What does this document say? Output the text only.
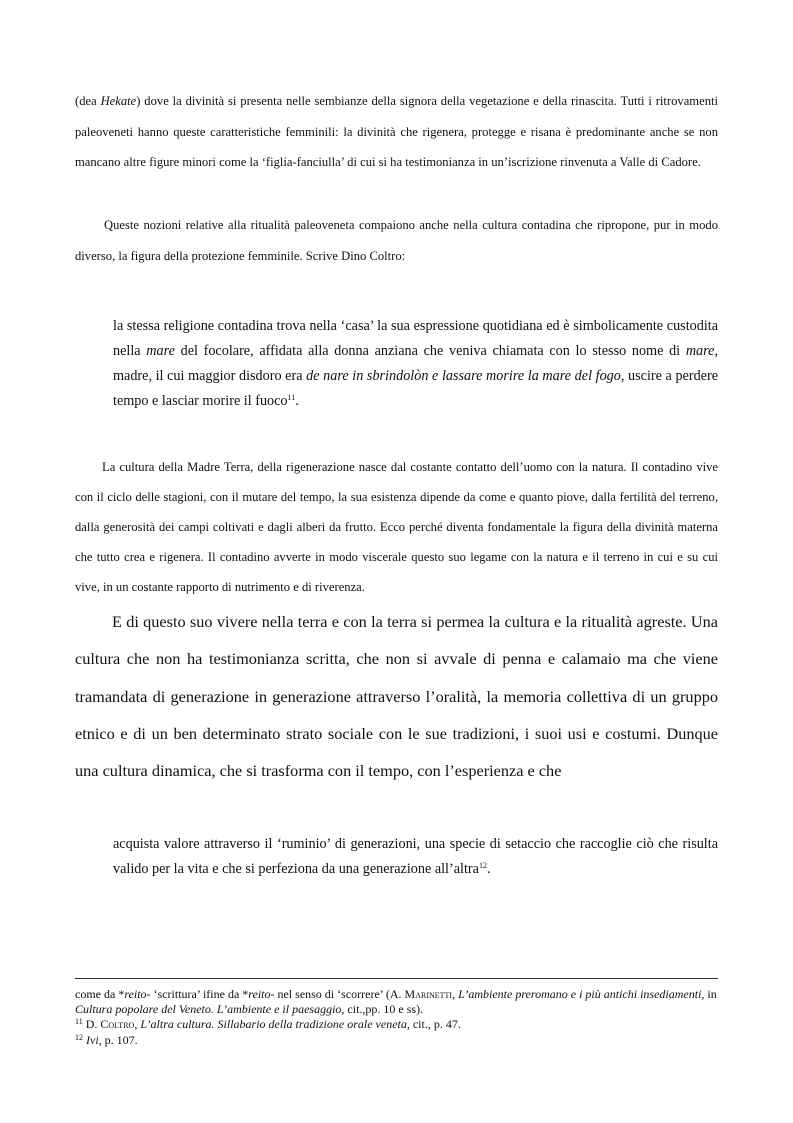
(dea Hekate) dove la divinità si presenta nelle sembianze della signora della vegetazione e della rinascita. Tutti i ritrovamenti paleoveneti hanno queste caratteristiche femminili: la divinità che rigenera, protegge e risana è predominante anche se non mancano altre figure minori come la ‘figlia-fanciulla’ di cui si ha testimonianza in un’iscrizione rinvenuta a Valle di Cadore.
Queste nozioni relative alla ritualità paleoveneta compaiono anche nella cultura contadina che ripropone, pur in modo diverso, la figura della protezione femminile. Scrive Dino Coltro:
la stessa religione contadina trova nella ‘casa’ la sua espressione quotidiana ed è simbolicamente custodita nella mare del focolare, affidata alla donna anziana che veniva chiamata con lo stesso nome di mare, madre, il cui maggior disdoro era de nare in sbrindolòn e lassare morire la mare del fogo, uscire a perdere tempo e lasciar morire il fuoco$^{11}$.
La cultura della Madre Terra, della rigenerazione nasce dal costante contatto dell’uomo con la natura. Il contadino vive con il ciclo delle stagioni, con il mutare del tempo, la sua esistenza dipende da come e quanto piove, dalla fertilità del terreno, dalla generosità dei campi coltivati e dagli alberi da frutto. Ecco perché diventa fondamentale la figura della divinità materna che tutto crea e rigenera. Il contadino avverte in modo viscerale questo suo legame con la natura e il terreno in cui e su cui vive, in un costante rapporto di nutrimento e di riverenza.
E di questo suo vivere nella terra e con la terra si permea la cultura e la ritualità agreste. Una cultura che non ha testimonianza scritta, che non si avvale di penna e calamaio ma che viene tramandata di generazione in generazione attraverso l’oralità, la memoria collettiva di un gruppo etnico e di un ben determinato strato sociale con le sue tradizioni, i suoi usi e costumi. Dunque una cultura dinamica, che si trasforma con il tempo, con l’esperienza e che
acquista valore attraverso il ‘ruminio’ di generazioni, una specie di setaccio che raccoglie ciò che risulta valido per la vita e che si perfeziona da una generazione all’altra$^{12}$.
come da *reito- ‘scrittura’ ifine da *reito- nel senso di ‘scorrere’ (A. Marinetti, L’ambiente preromano e i più antichi insediamenti, in Cultura popolare del Veneto. L’ambiente e il paesaggio, cit.,pp. 10 e ss).
$^{11}$ D. Coltro, L’altra cultura. Sillabario della tradizione orale veneta, cit., p. 47.
$^{12}$ Ivi, p. 107.
